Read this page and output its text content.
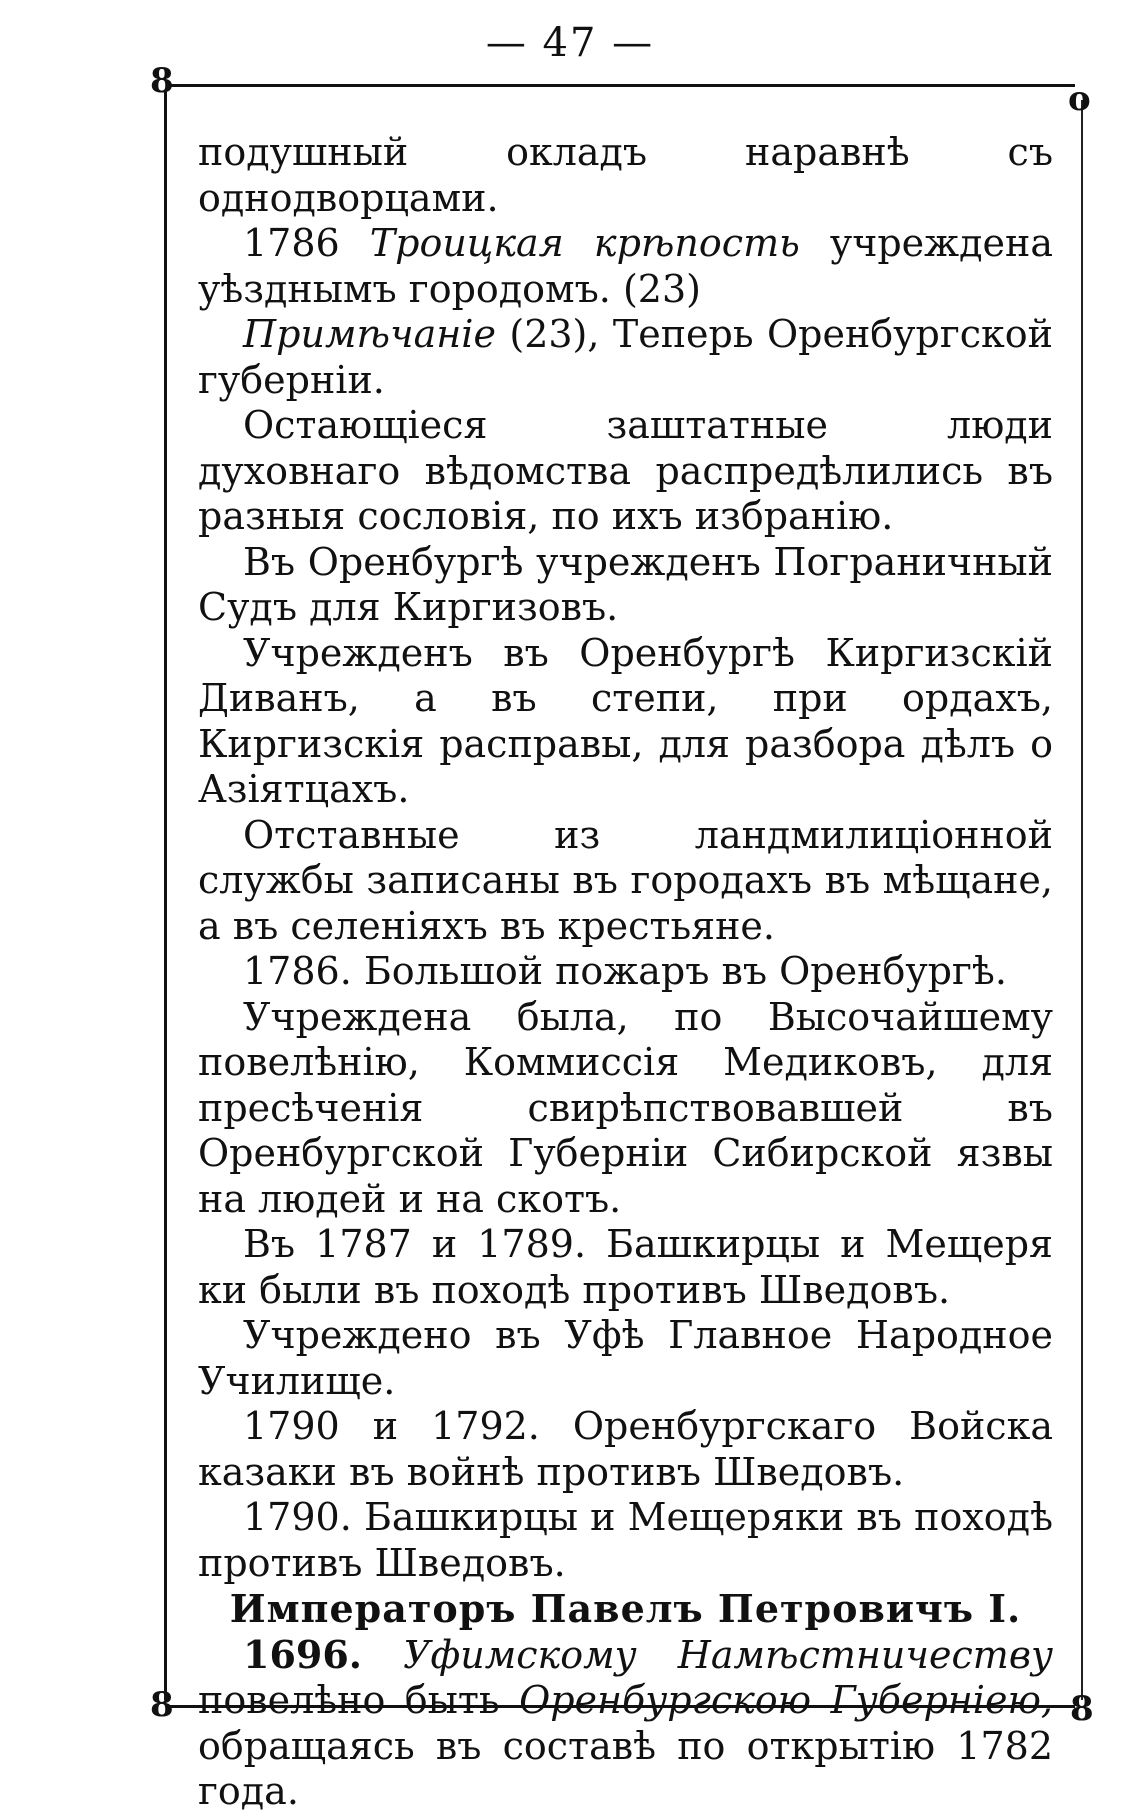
— 47 —
8	o
8	8

подушный окладъ наравнѣ съ однодворцами.

1786 Троицкая крѣпость учреждена уѣзднымъ городомъ. (23)

Примѣчаніе (23), Теперь Оренбургской губерніи.

Остающіеся заштатные люди духовнаго вѣдомства распредѣлились въ разныя сословія, по ихъ избранію.

Въ Оренбургѣ учрежденъ Пограничный Судъ для Киргизовъ.

Учрежденъ въ Оренбургѣ Киргизскій Диванъ, а въ степи, при ордахъ, Киргизскія расправы, для разбора дѣлъ о Азіятцахъ.

Отставные из ландмилиціонной службы записаны въ городахъ въ мѣщане, а въ селеніяхъ въ крестьяне.

1786. Большой пожаръ въ Оренбургѣ.

Учреждена была, по Высочайшему повелѣнію, Коммиссія Медиковъ, для пресѣченія свирѣпствовавшей въ Оренбургской Губерніи Сибирской язвы на людей и на скотъ.

Въ 1787 и 1789. Башкирцы и Мещеря ки были въ походѣ противъ Шведовъ.

Учреждено въ Уфѣ Главное Народное Училище.

1790 и 1792. Оренбургскаго Войска казаки въ войнѣ противъ Шведовъ.

1790. Башкирцы и Мещеряки въ походѣ противъ Шведовъ.

Императоръ Павелъ Петровичъ I.

1696. Уфимскому Намѣстничеству повелѣно быть Оренбургскою Губерніею, обращаясь въ составѣ по открытію 1782 года.
